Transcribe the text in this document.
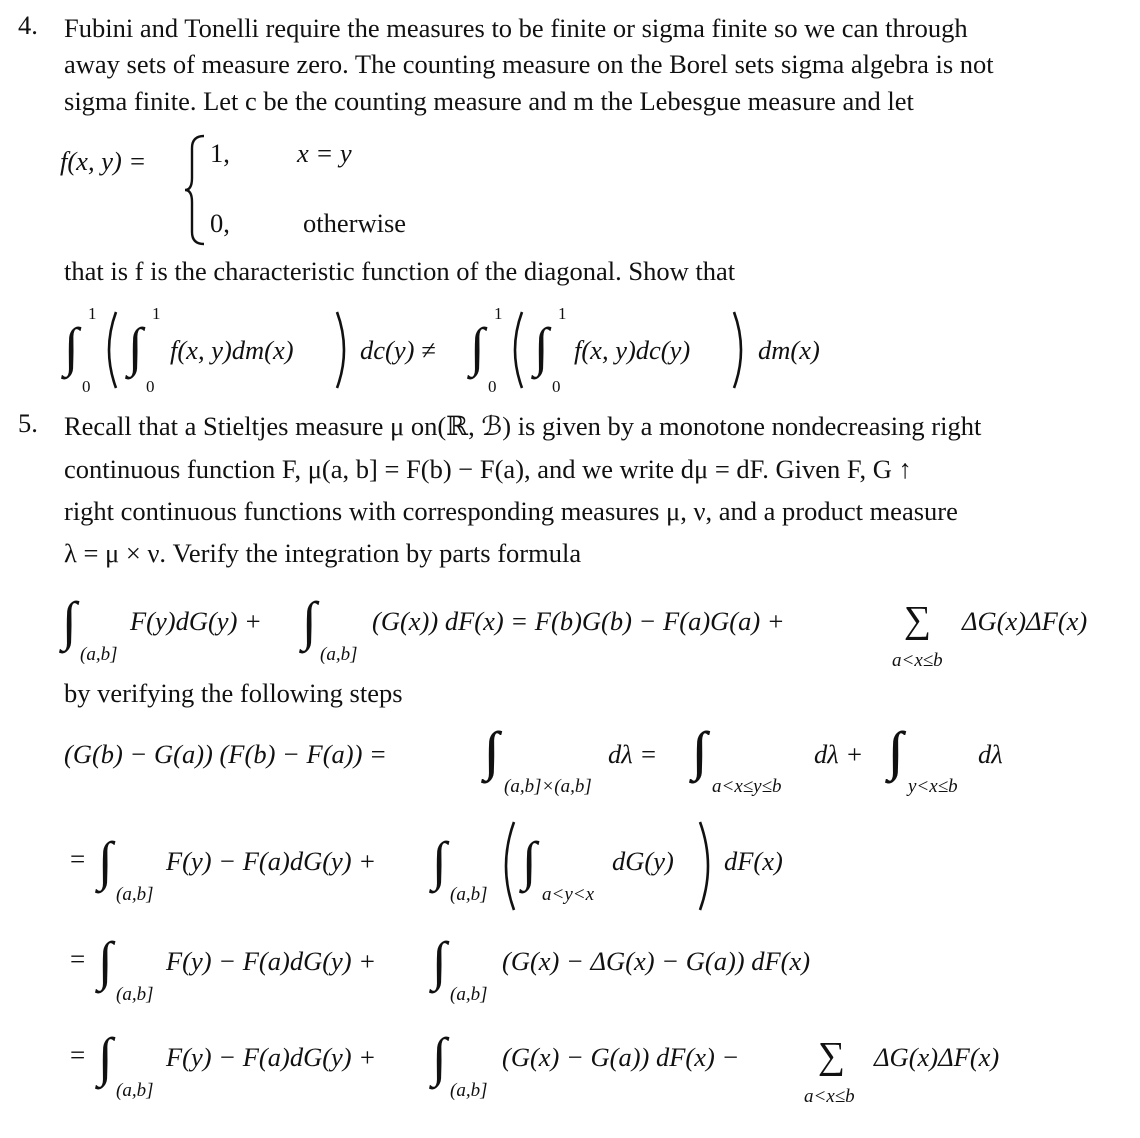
4. Fubini and Tonelli require the measures to be finite or sigma finite so we can through
away sets of measure zero. The counting measure on the Borel sets sigma algebra is not
sigma finite. Let c be the counting measure and m the Lebesgue measure and let
f(x, y) = 1,	x = y
0,	otherwise
that is f is the characteristic function of the diagonal. Show that
∫
1
0
∫
1
0
f(x, y)dm(x)	dc(y) ≠ ∫
1
0
∫
1
0
f(x, y)dc(y)	dm(x)
5. Recall that a Stieltjes measure μ on(ℝ, ℬ) is given by a monotone nondecreasing right
continuous function F, μ(a, b] = F(b) − F(a), and we write dμ = dF. Given F, G ↑
right continuous functions with corresponding measures μ, ν, and a product measure
λ = μ × ν. Verify the integration by parts formula
∫
(a,b]
F(y)dG(y) + ∫
(a,b]
(G(x)) dF(x) = F(b)G(b) − F(a)G(a) +	∑ ΔG(x)ΔF(x)
a<x≤b
by verifying the following steps
(G(b) − G(a)) (F(b) − F(a)) = ∫∫
(a,b]×(a,b]
dλ = ∫∫
a<x≤y≤b
dλ + ∫∫
y<x≤b
dλ
= ∫
(a,b]
F(y) − F(a)dG(y) + ∫
(a,b]
∫
a<y<x
dG(y) dF(x)
= ∫
(a,b]
F(y) − F(a)dG(y) + ∫
(a,b]
(G(x) − ΔG(x) − G(a)) dF(x)
= ∫
(a,b]
F(y) − F(a)dG(y) + ∫
(a,b]
(G(x) − G(a)) dF(x) − ∑ ΔG(x)ΔF(x)
a<x≤b
